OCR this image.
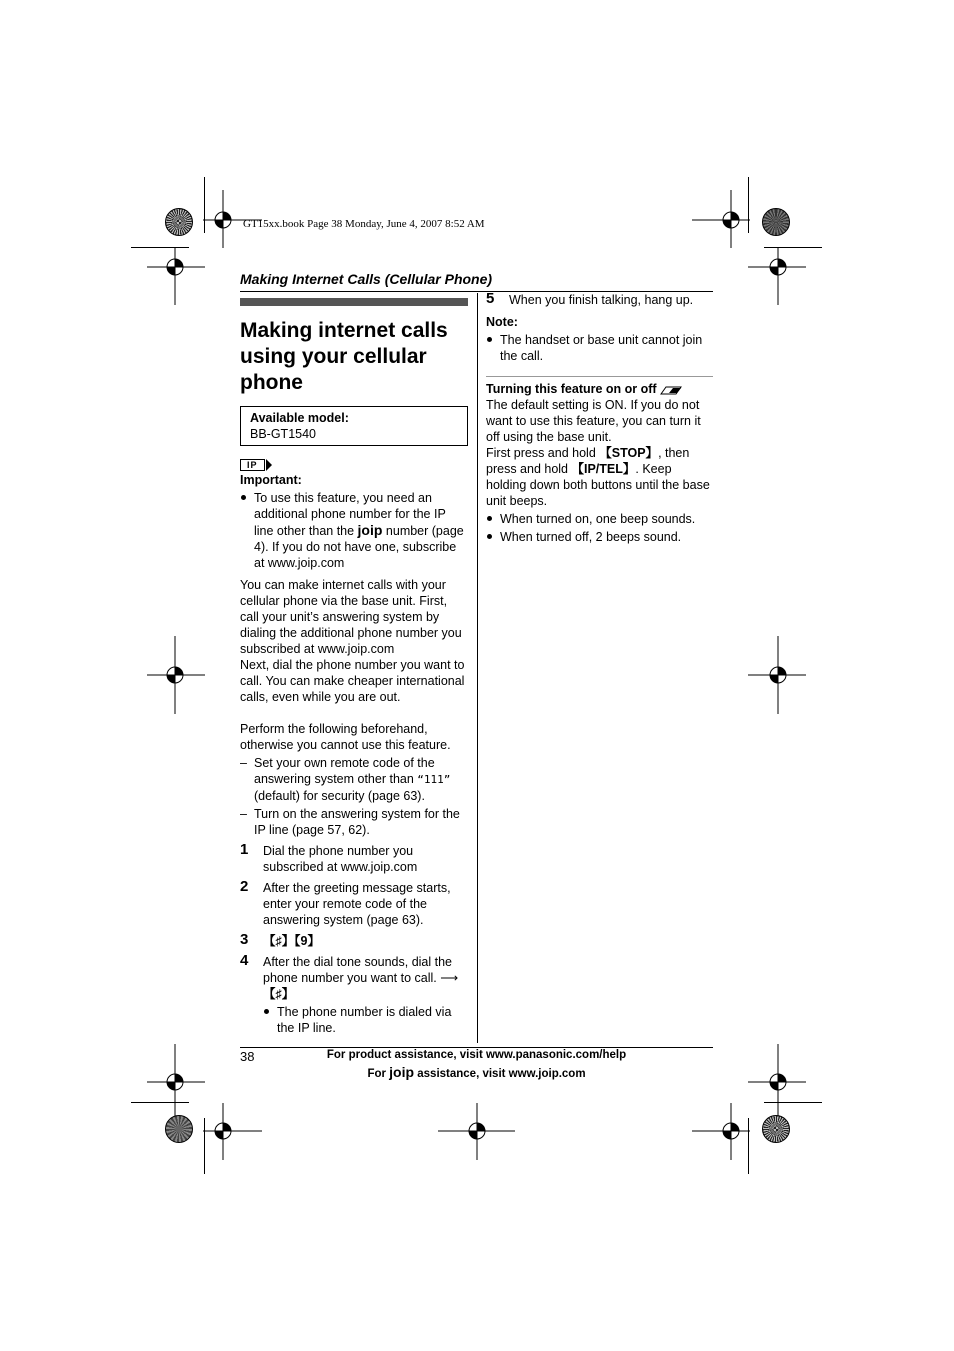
GT15xx.book Page 38 Monday, June 4, 2007 8:52 AM
Making Internet Calls (Cellular Phone)
Making internet calls using your cellular phone
Available model:
BB-GT1540
IP
Important:
To use this feature, you need an additional phone number for the IP line other than the joip number (page 4). If you do not have one, subscribe at www.joip.com

You can make internet calls with your cellular phone via the base unit. First, call your unit’s answering system by dialing the additional phone number you subscribed at www.joip.com

Next, dial the phone number you want to call. You can make cheaper international calls, even while you are out.

Perform the following beforehand, otherwise you cannot use this feature.

– Set your own remote code of the answering system other than “111” (default) for security (page 63).
– Turn on the answering system for the IP line (page 57, 62).
1 Dial the phone number you subscribed at www.joip.com
2 After the greeting message starts, enter your remote code of the answering system (page 63).
3 【♯】【9】
4 After the dial tone sounds, dial the phone number you want to call. ⟶
【♯】
The phone number is dialed via the IP line.
5 When you finish talking, hang up.
Note:
The handset or base unit cannot join the call.
Turning this feature on or off

The default setting is ON. If you do not want to use this feature, you can turn it off using the base unit.

First press and hold 【STOP】, then press and hold 【IP/TEL】. Keep holding down both buttons until the base unit beeps.

When turned on, one beep sounds.
When turned off, 2 beeps sound.
38	For product assistance, visit www.panasonic.com/help
For joip assistance, visit www.joip.com
